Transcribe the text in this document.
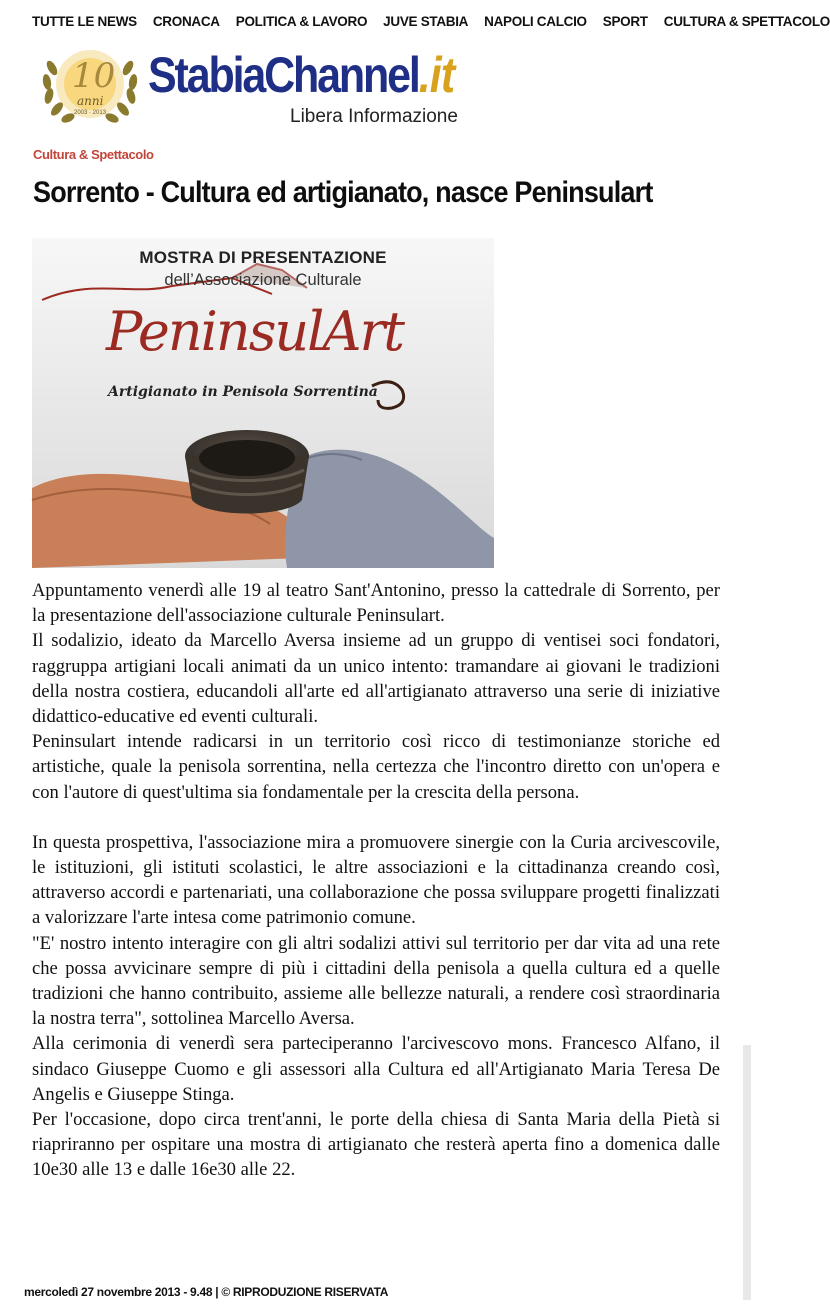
TUTTE LE NEWS CRONACA POLITICA & LAVORO JUVE STABIA NAPOLI CALCIO SPORT CULTURA & SPETTACOLO
10
anni
2003 · 2013
StabiaChannel.it
Libera Informazione
Cultura & Spettacolo
Sorrento - Cultura ed artigianato, nasce Peninsulart
MOSTRA DI PRESENTAZIONE
dell’Associazione Culturale
PeninsulArt
Artigianato in Penisola Sorrentina

Appuntamento venerdì alle 19 al teatro Sant'Antonino, presso la cattedrale di Sorrento, per la presentazione dell'associazione culturale Peninsulart.

Il sodalizio, ideato da Marcello Aversa insieme ad un gruppo di ventisei soci fondatori, raggruppa artigiani locali animati da un unico intento: tramandare ai giovani le tradizioni della nostra costiera, educandoli all'arte ed all'artigianato attraverso una serie di iniziative didattico-educative ed eventi culturali.

Peninsulart intende radicarsi in un territorio così ricco di testimonianze storiche ed artistiche, quale la penisola sorrentina, nella certezza che l'incontro diretto con un'opera e con l'autore di quest'ultima sia fondamentale per la crescita della persona.

In questa prospettiva, l'associazione mira a promuovere sinergie con la Curia arcivescovile, le istituzioni, gli istituti scolastici, le altre associazioni e la cittadinanza creando così, attraverso accordi e partenariati, una collaborazione che possa sviluppare progetti finalizzati a valorizzare l'arte intesa come patrimonio comune.

"E' nostro intento interagire con gli altri sodalizi attivi sul territorio per dar vita ad una rete che possa avvicinare sempre di più i cittadini della penisola a quella cultura ed a quelle tradizioni che hanno contribuito, assieme alle bellezze naturali, a rendere così straordinaria la nostra terra", sottolinea Marcello Aversa.

Alla cerimonia di venerdì sera parteciperanno l'arcivescovo mons. Francesco Alfano, il sindaco Giuseppe Cuomo e gli assessori alla Cultura ed all'Artigianato Maria Teresa De Angelis e Giuseppe Stinga.

Per l'occasione, dopo circa trent'anni, le porte della chiesa di Santa Maria della Pietà si riapriranno per ospitare una mostra di artigianato che resterà aperta fino a domenica dalle 10e30 alle 13 e dalle 16e30 alle 22.

mercoledì 27 novembre 2013 - 9.48 | © RIPRODUZIONE RISERVATA
